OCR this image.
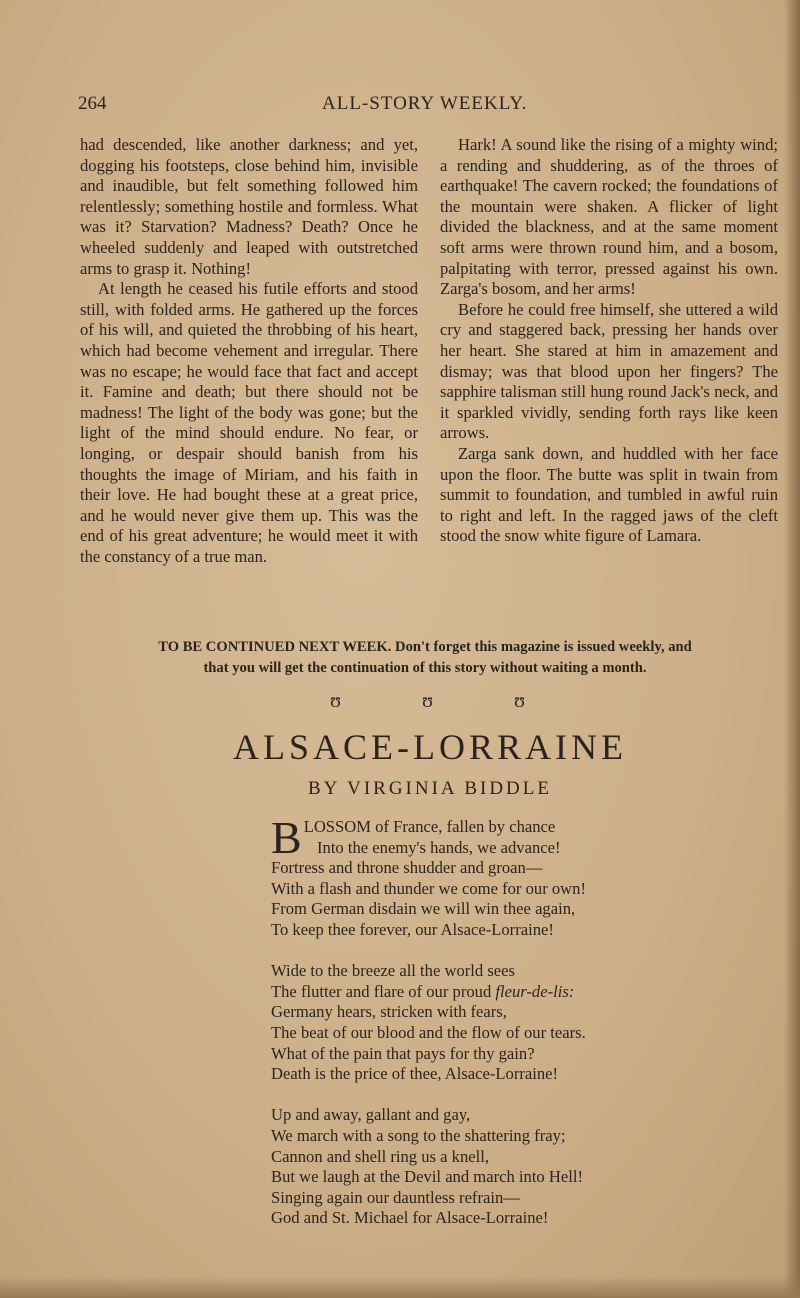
264	ALL-STORY WEEKLY.

had descended, like another darkness; and yet, dogging his footsteps, close behind him, invisible and inaudible, but felt something followed him relentlessly; something hostile and formless. What was it? Starvation? Madness? Death? Once he wheeled suddenly and leaped with outstretched arms to grasp it. Nothing!

At length he ceased his futile efforts and stood still, with folded arms. He gathered up the forces of his will, and quieted the throbbing of his heart, which had become vehement and irregular. There was no escape; he would face that fact and accept it. Famine and death; but there should not be madness! The light of the body was gone; but the light of the mind should endure. No fear, or longing, or despair should banish from his thoughts the image of Miriam, and his faith in their love. He had bought these at a great price, and he would never give them up. This was the end of his great adventure; he would meet it with the constancy of a true man.

Hark! A sound like the rising of a mighty wind; a rending and shuddering, as of the throes of earthquake! The cavern rocked; the foundations of the mountain were shaken. A flicker of light divided the blackness, and at the same moment soft arms were thrown round him, and a bosom, palpitating with terror, pressed against his own. Zarga's bosom, and her arms!

Before he could free himself, she uttered a wild cry and staggered back, pressing her hands over her heart. She stared at him in amazement and dismay; was that blood upon her fingers? The sapphire talisman still hung round Jack's neck, and it sparkled vividly, sending forth rays like keen arrows.

Zarga sank down, and huddled with her face upon the floor. The butte was split in twain from summit to foundation, and tumbled in awful ruin to right and left. In the ragged jaws of the cleft stood the snow white figure of Lamara.

TO BE CONTINUED NEXT WEEK. Don't forget this magazine is issued weekly, and
that you will get the continuation of this story without waiting a month.
ʊ	ʊ	ʊ
ALSACE-LORRAINE
BY VIRGINIA BIDDLE
B LOSSOM of France, fallen by chance
Into the enemy's hands, we advance!
Fortress and throne shudder and groan—
With a flash and thunder we come for our own!
From German disdain we will win thee again,
To keep thee forever, our Alsace-Lorraine!
Wide to the breeze all the world sees
The flutter and flare of our proud fleur-de-lis:
Germany hears, stricken with fears,
The beat of our blood and the flow of our tears.
What of the pain that pays for thy gain?
Death is the price of thee, Alsace-Lorraine!
Up and away, gallant and gay,
We march with a song to the shattering fray;
Cannon and shell ring us a knell,
But we laugh at the Devil and march into Hell!
Singing again our dauntless refrain—
God and St. Michael for Alsace-Lorraine!
